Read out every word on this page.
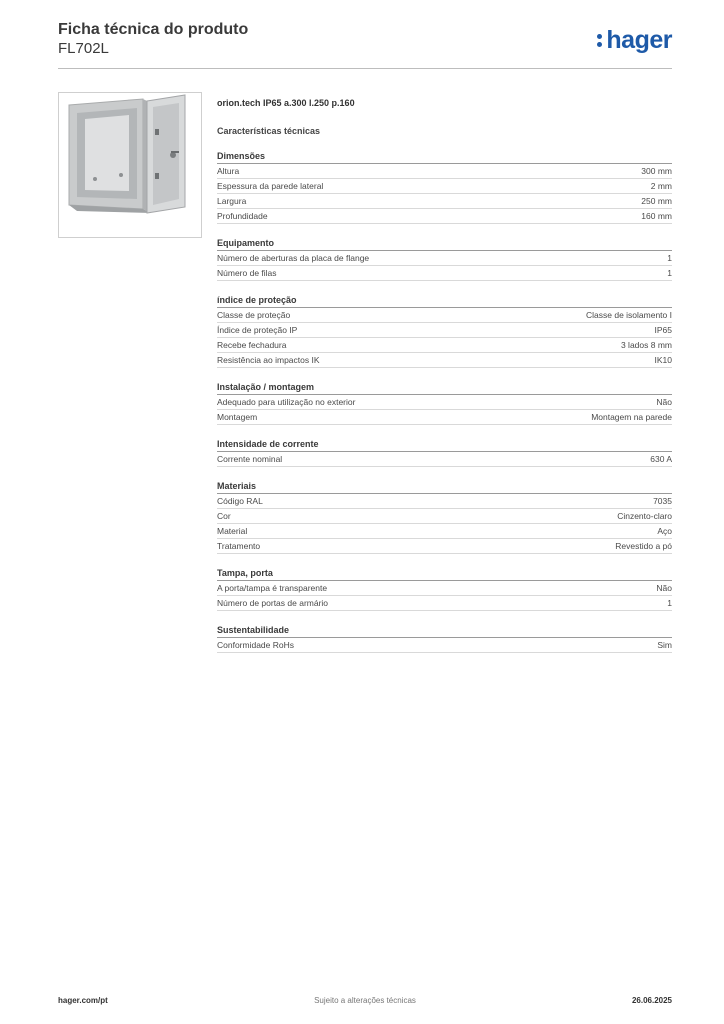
Ficha técnica do produto
FL702L	hager
orion.tech IP65 a.300 l.250 p.160
Características técnicas
Dimensões
Altura	300 mm
Espessura da parede lateral	2 mm
Largura	250 mm
Profundidade	160 mm
Equipamento
Número de aberturas da placa de flange	1
Número de filas	1
índice de proteção
Classe de proteção	Classe de isolamento I
Índice de proteção IP	IP65
Recebe fechadura	3 lados 8 mm
Resistência ao impactos IK	IK10
Instalação / montagem
Adequado para utilização no exterior	Não
Montagem	Montagem na parede
Intensidade de corrente
Corrente nominal	630 A
Materiais
Código RAL	7035
Cor	Cinzento-claro
Material	Aço
Tratamento	Revestido a pó
Tampa, porta
A porta/tampa é transparente	Não
Número de portas de armário	1
Sustentabilidade
Conformidade RoHs	Sim
hager.com/pt	Sujeito a alterações técnicas	26.06.2025
